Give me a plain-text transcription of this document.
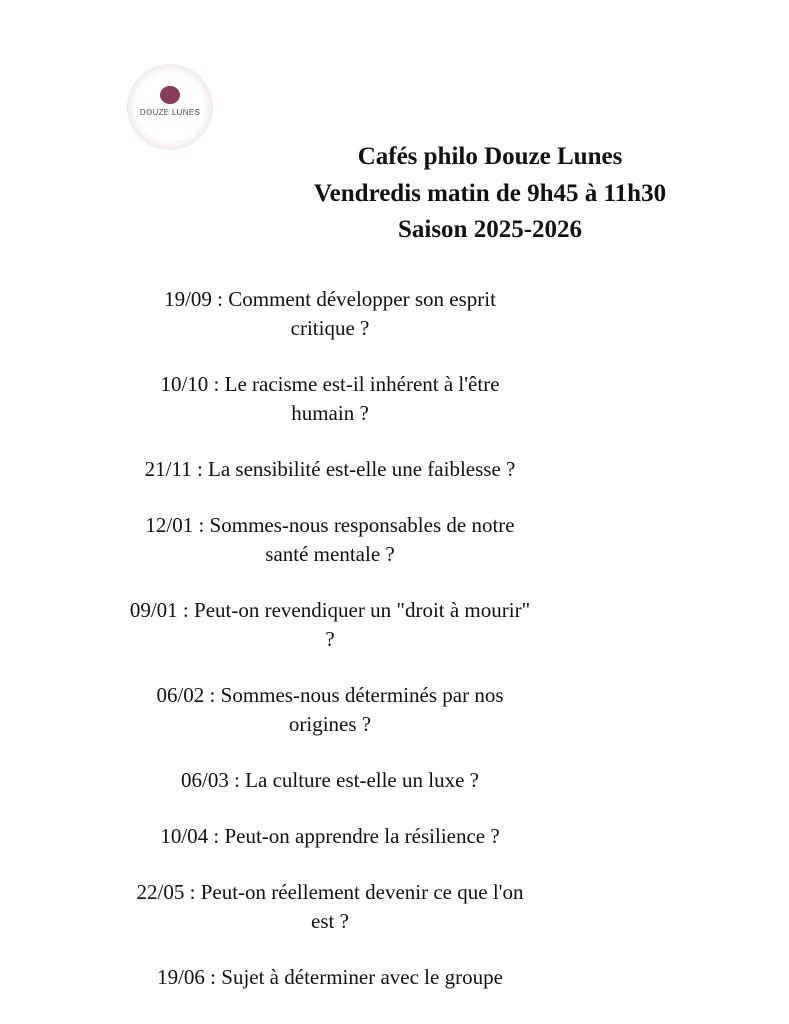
DOUZE LUNES
Cafés philo Douze Lunes
Vendredis matin de 9h45 à 11h30
Saison 2025-2026
19/09 : Comment développer son esprit
critique ?
10/10 : Le racisme est-il inhérent à l'être
humain ?
21/11 : La sensibilité est-elle une faiblesse ?
12/01 : Sommes-nous responsables de notre
santé mentale ?
09/01 : Peut-on revendiquer un "droit à mourir"
?
06/02 : Sommes-nous déterminés par nos
origines ?
06/03 : La culture est-elle un luxe ?
10/04 : Peut-on apprendre la résilience ?
22/05 : Peut-on réellement devenir ce que l'on
est ?
19/06 : Sujet à déterminer avec le groupe
